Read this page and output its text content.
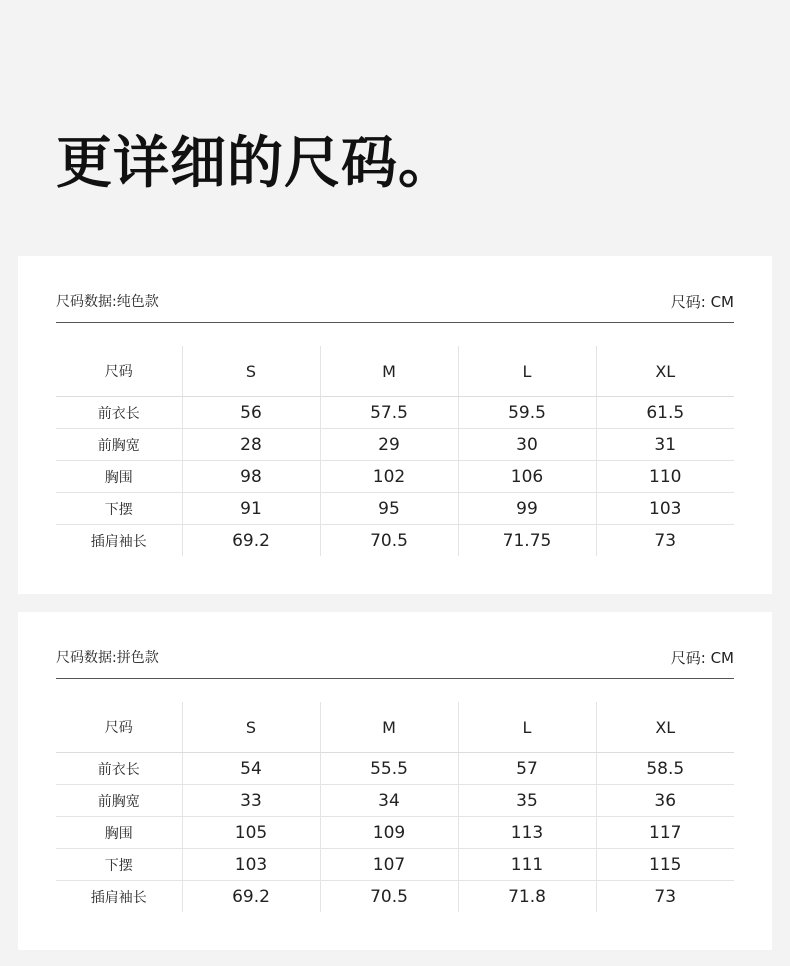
更详细的尺码。
尺码数据:纯色款	尺码: CM
尺码	S	M	L	XL
前衣长	56	57.5	59.5	61.5
前胸宽	28	29	30	31
胸围	98	102	106	110
下摆	91	95	99	103
插肩袖长	69.2	70.5	71.75	73
尺码数据:拼色款	尺码: CM
尺码	S	M	L	XL
前衣长	54	55.5	57	58.5
前胸宽	33	34	35	36
胸围	105	109	113	117
下摆	103	107	111	115
插肩袖长	69.2	70.5	71.8	73
